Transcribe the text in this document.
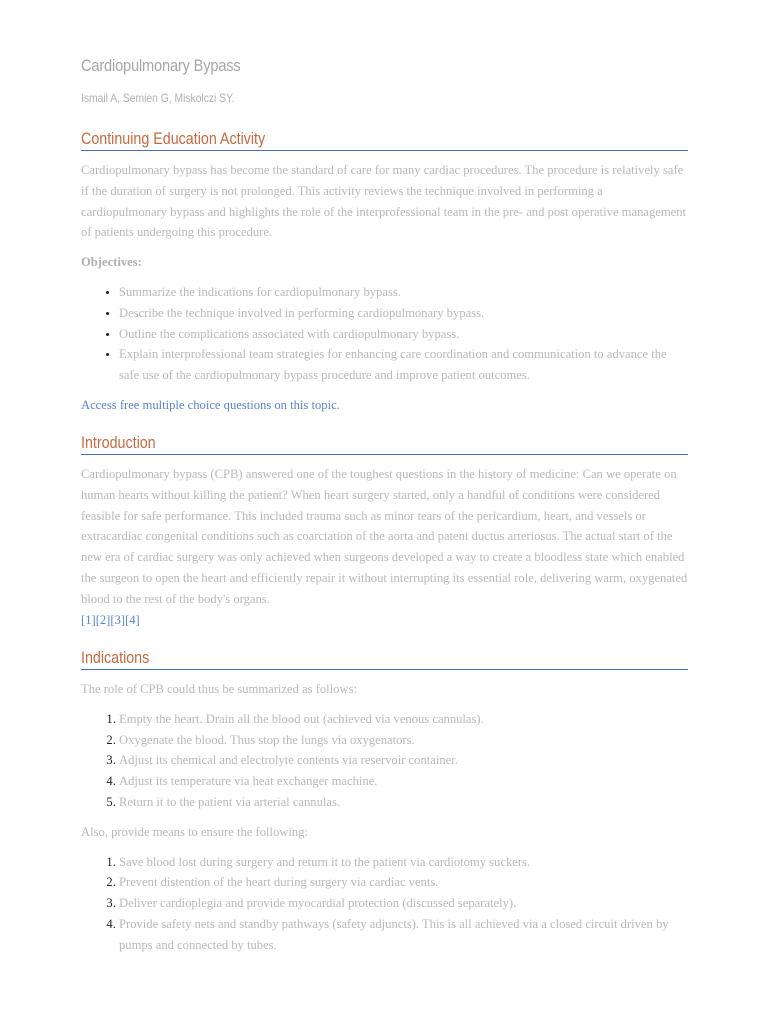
Cardiopulmonary Bypass
Ismail A, Semien G, Miskolczi SY.
Continuing Education Activity

Cardiopulmonary bypass has become the standard of care for many cardiac procedures. The procedure is relatively safe if the duration of surgery is not prolonged. This activity reviews the technique involved in performing a cardiopulmonary bypass and highlights the role of the interprofessional team in the pre- and post operative management of patients undergoing this procedure.

Objectives:

• Summarize the indications for cardiopulmonary bypass.
• Describe the technique involved in performing cardiopulmonary bypass.
• Outline the complications associated with cardiopulmonary bypass.
• Explain interprofessional team strategies for enhancing care coordination and communication to advance the safe use of the cardiopulmonary bypass procedure and improve patient outcomes.
Access free multiple choice questions on this topic.
Introduction

Cardiopulmonary bypass (CPB) answered one of the toughest questions in the history of medicine: Can we operate on human hearts without killing the patient? When heart surgery started, only a handful of conditions were considered feasible for safe performance. This included trauma such as minor tears of the pericardium, heart, and vessels or extracardiac congenital conditions such as coarctation of the aorta and patent ductus arteriosus. The actual start of the new era of cardiac surgery was only achieved when surgeons developed a way to create a bloodless state which enabled the surgeon to open the heart and efficiently repair it without interrupting its essential role, delivering warm, oxygenated blood to the rest of the body's organs.

[1][2][3][4]
Indications

The role of CPB could thus be summarized as follows:

1. Empty the heart. Drain all the blood out (achieved via venous cannulas).
2. Oxygenate the blood. Thus stop the lungs via oxygenators.
3. Adjust its chemical and electrolyte contents via reservoir container.
4. Adjust its temperature via heat exchanger machine.
5. Return it to the patient via arterial cannulas.

Also, provide means to ensure the following:

1. Save blood lost during surgery and return it to the patient via cardiotomy suckers.
2. Prevent distention of the heart during surgery via cardiac vents.
3. Deliver cardioplegia and provide myocardial protection (discussed separately).
4. Provide safety nets and standby pathways (safety adjuncts). This is all achieved via a closed circuit driven by pumps and connected by tubes.
